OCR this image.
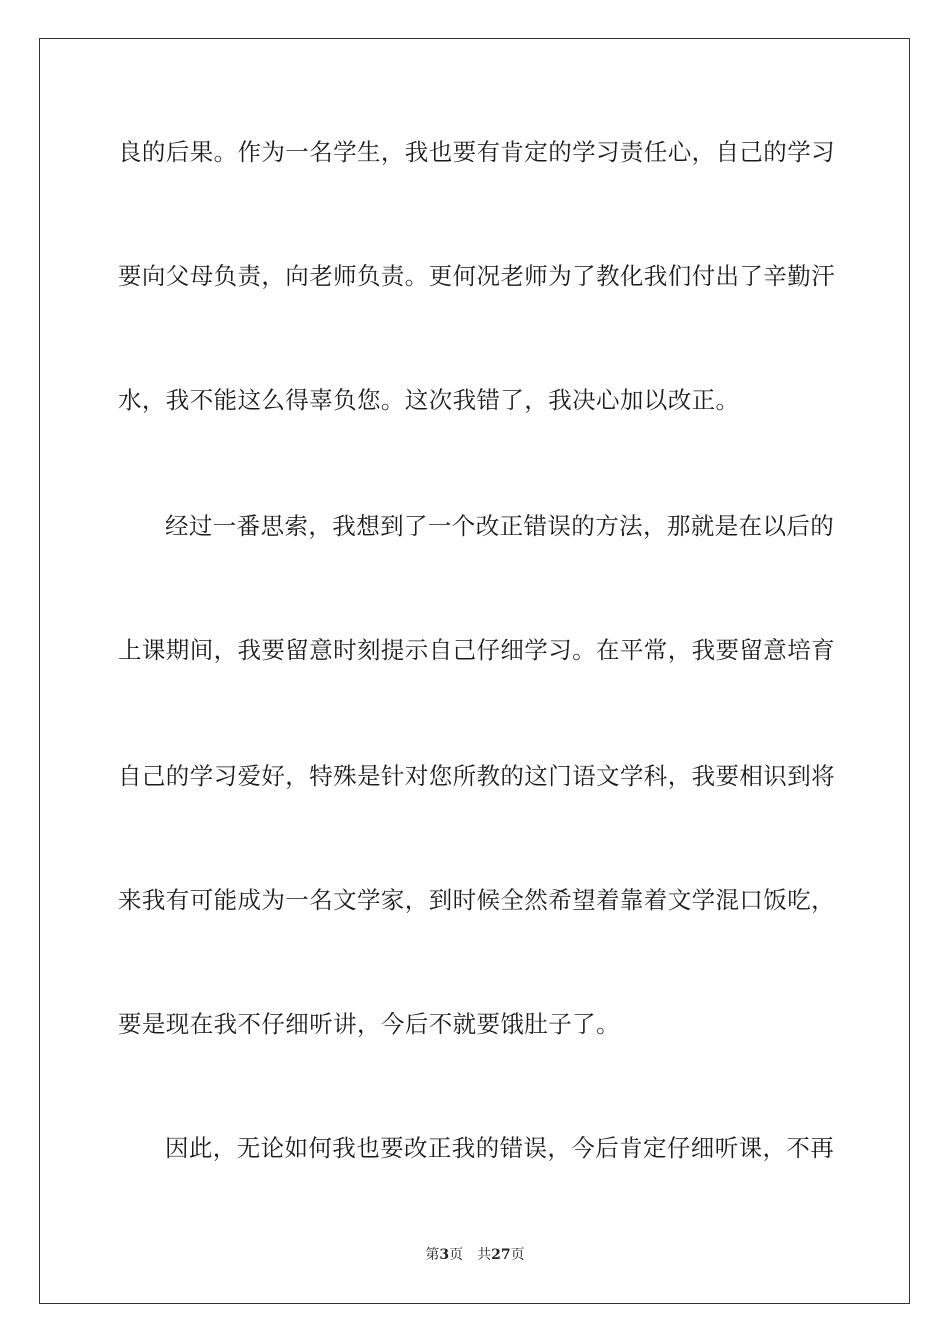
良的后果。作为一名学生，我也要有肯定的学习责任心，自己的学习
要向父母负责，向老师负责。更何况老师为了教化我们付出了辛勤汗
水，我不能这么得辜负您。这次我错了，我决心加以改正。
经过一番思索，我想到了一个改正错误的方法，那就是在以后的
上课期间，我要留意时刻提示自己仔细学习。在平常，我要留意培育
自己的学习爱好，特殊是针对您所教的这门语文学科，我要相识到将
来我有可能成为一名文学家，到时候全然希望着靠着文学混口饭吃，
要是现在我不仔细听讲，今后不就要饿肚子了。
因此，无论如何我也要改正我的错误，今后肯定仔细听课，不再
第3页 共27页
